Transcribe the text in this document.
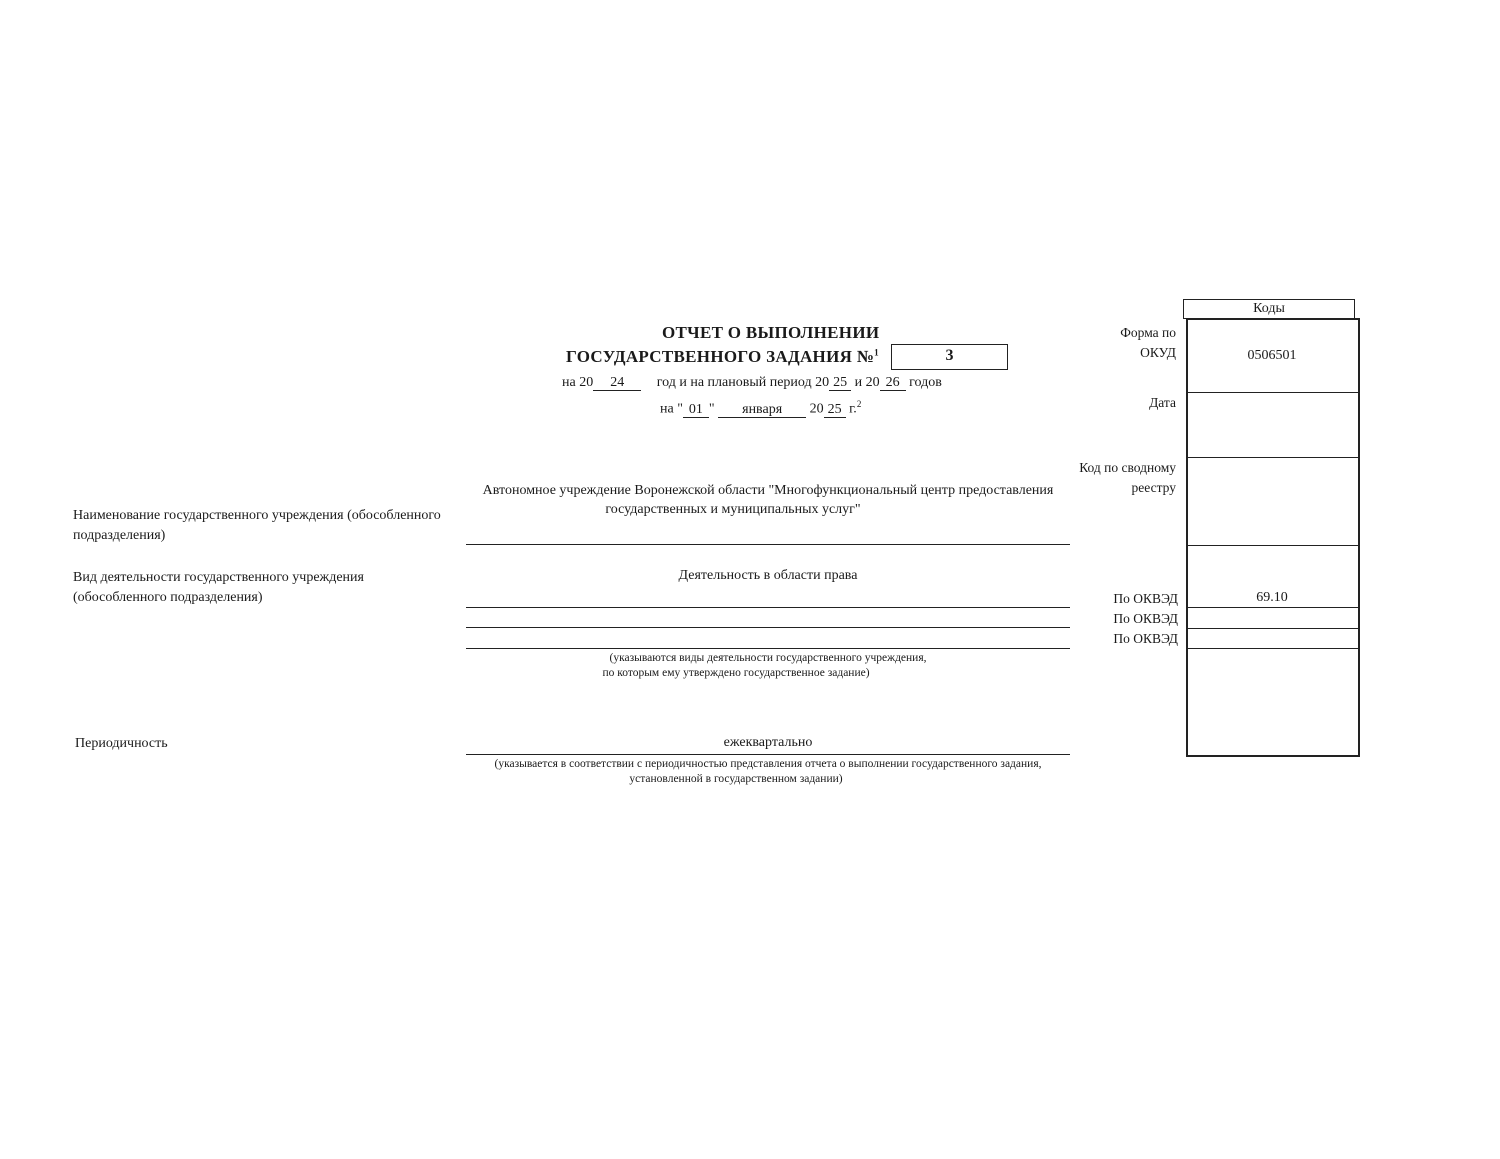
ОТЧЕТ О ВЫПОЛНЕНИИ
ГОСУДАРСТВЕННОГО ЗАДАНИЯ №$^1$	3
на 20 24 год и на плановый период 20 25 и 20 26 годов
на " 01 " января 20 25 г.$^2$
Коды
0506501
69.10
Форма по
ОКУД
Дата
Код по сводному
реестру
По ОКВЭД
По ОКВЭД
По ОКВЭД
Наименование государственного учреждения (обособленного подразделения)
Автономное учреждение Воронежской области "Многофункциональный центр предоставления
государственных и муниципальных услуг"
Вид деятельности государственного учреждения (обособленного подразделения)
Деятельность в области права
(указываются виды деятельности государственного учреждения,
по которым ему утверждено государственное задание)
Периодичность	ежеквартально
(указывается в соответствии с периодичностью представления отчета о выполнении государственного задания,
установленной в государственном задании)
